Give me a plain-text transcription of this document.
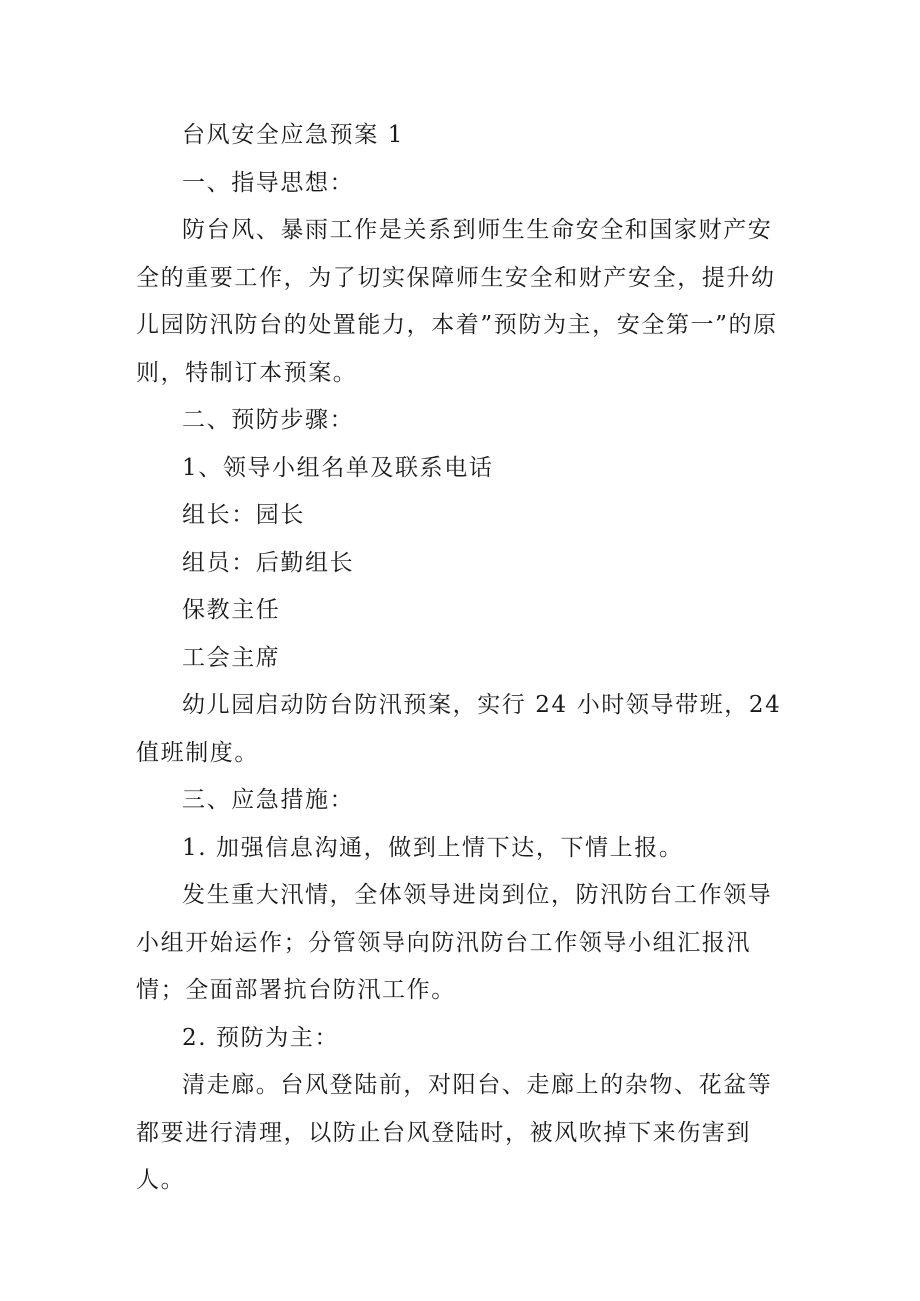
台风安全应急预案 1

一、指导思想：

防台风、暴雨工作是关系到师生生命安全和国家财产安全的重要工作，为了切实保障师生安全和财产安全，提升幼儿园防汛防台的处置能力，本着”预防为主，安全第一”的原则，特制订本预案。

二、预防步骤：

1、领导小组名单及联系电话

组长：园长

组员：后勤组长

保教主任

工会主席

幼儿园启动防台防汛预案，实行 24 小时领导带班，24 值班制度。

三、应急措施：

1. 加强信息沟通，做到上情下达，下情上报。

发生重大汛情，全体领导进岗到位，防汛防台工作领导小组开始运作；分管领导向防汛防台工作领导小组汇报汛情；全面部署抗台防汛工作。

2. 预防为主：

清走廊。台风登陆前，对阳台、走廊上的杂物、花盆等都要进行清理，以防止台风登陆时，被风吹掉下来伤害到人。
